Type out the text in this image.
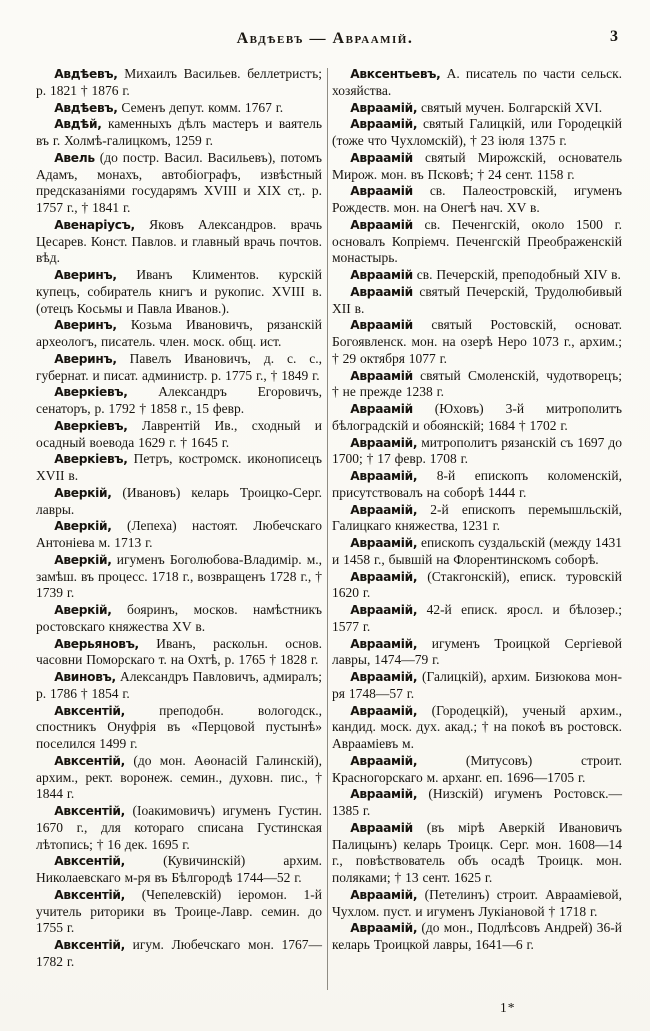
Авдѣевъ — Авраамій.	3

Авдѣевъ, Михаилъ Васильев. беллетристъ; р. 1821 † 1876 г.

Авдѣевъ, Семенъ депут. комм. 1767 г.

Авдѣй, каменныхъ дѣлъ мастеръ и ваятель въ г. Холмѣ-галицкомъ, 1259 г.

Авель (до постр. Васил. Васильевъ), потомъ Адамъ, монахъ, автобіографъ, извѣстный предсказаніями государямъ XVIII и XIX ст,. р. 1757 г., † 1841 г.

Авенаріусъ, Яковъ Александров. врачь Цесарев. Конст. Павлов. и главный врачь почтов. вѣд.

Аверинъ, Иванъ Климентов. курскій купецъ, собиратель книгъ и рукопис. XVIII в. (отецъ Косьмы и Павла Иванов.).

Аверинъ, Козьма Ивановичъ, рязанскій археологъ, писатель. член. моск. общ. ист.

Аверинъ, Павелъ Ивановичъ, д. с. с., губернат. и писат. администр. р. 1775 г., † 1849 г.

Аверкіевъ, Александръ Егоровичъ, сенаторъ, р. 1792 † 1858 г., 15 февр.

Аверкіевъ, Лаврентій Ив., сходный и осадный воевода 1629 г. † 1645 г.

Аверкіевъ, Петръ, костромск. иконописецъ XVII в.

Аверкій, (Ивановъ) келарь Троицко-Серг. лавры.

Аверкій, (Лепеха) настоят. Любечскаго Антоніева м. 1713 г.

Аверкій, игуменъ Боголюбова-Владимір. м., замѣш. въ процесс. 1718 г., возвращенъ 1728 г., † 1739 г.

Аверкій, бояринъ, москов. намѣстникъ ростовскаго княжества XV в.

Аверьяновъ, Иванъ, раскольн. основ. часовни Поморскаго т. на Охтѣ, р. 1765 † 1828 г.

Авиновъ, Александръ Павловичъ, адмиралъ; р. 1786 † 1854 г.

Авксентій, преподобн. вологодск., спостникъ Онуфрія въ «Перцовой пустынѣ» поселился 1499 г.

Авксентій, (до мон. Аѳонасій Галинскій), архим., рект. воронеж. семин., духовн. пис., † 1844 г.

Авксентій, (Іоакимовичъ) игуменъ Густин. 1670 г., для котораго списана Густинская лѣтопись; † 16 дек. 1695 г.

Авксентій, (Кувичинскій) архим. Николаевскаго м-ря въ Бѣлгородѣ 1744—52 г.

Авксентій, (Чепелевскій) іеромон. 1-й учитель риторики въ Троице-Лавр. семин. до 1755 г.

Авксентій, игум. Любечскаго мон. 1767—1782 г.

Авксентьевъ, А. писатель по части сельск. хозяйства.

Авраамій, святый мучен. Болгарскій XVI.

Авраамій, святый Галицкій, или Городецкій (тоже что Чухломскій), † 23 іюля 1375 г.

Авраамій святый Мирожскій, основатель Мирож. мон. въ Псковѣ; † 24 сент. 1158 г.

Авраамій св. Палеостровскій, игуменъ Рождеств. мон. на Онегѣ нач. XV в.

Авраамій св. Печенгскій, около 1500 г. основалъ Копріемч. Печенгскій Преображенскій монастырь.

Авраамій св. Печерскій, преподобный XIV в.

Авраамій святый Печерскій, Трудолюбивый XII в.

Авраамій святый Ростовскій, основат. Богоявленск. мон. на озерѣ Неро 1073 г., архим.; † 29 октября 1077 г.

Авраамій святый Смоленскій, чудотворецъ; † не прежде 1238 г.

Авраамій (Юховъ) 3-й митрополитъ бѣлоградскій и обоянскій; 1684 † 1702 г.

Авраамій, митрополитъ рязанскій съ 1697 до 1700; † 17 февр. 1708 г.

Авраамій, 8-й епископъ коломенскій, присутствовалъ на соборѣ 1444 г.

Авраамій, 2-й епископъ перемышльскій, Галицкаго княжества, 1231 г.

Авраамій, епископъ суздальскій (между 1431 и 1458 г., бывшій на Флорентинскомъ соборѣ.

Авраамій, (Стакгонскій), еписк. туровскій 1620 г.

Авраамій, 42-й еписк. яросл. и бѣлозер.; 1577 г.

Авраамій, игуменъ Троицкой Сергіевой лавры, 1474—79 г.

Авраамій, (Галицкій), архим. Бизюкова мон-ря 1748—57 г.

Авраамій, (Городецкій), ученый архим., кандид. моск. дух. акад.; † на покоѣ въ ростовск. Аврааміевъ м.

Авраамій, (Митусовъ) строит. Красногорскаго м. арханг. еп. 1696—1705 г.

Авраамій, (Низскій) игуменъ Ростовск.— 1385 г.

Авраамій (въ мірѣ Аверкій Ивановичъ Палицынъ) келарь Троицк. Серг. мон. 1608—14 г., повѣствователь объ осадѣ Троицк. мон. поляками; † 13 сент. 1625 г.

Авраамій, (Петелинъ) строит. Аврааміевой, Чухлом. пуст. и игуменъ Лукіановой † 1718 г.

Авраамій, (до мон., Подлѣсовъ Андрей) 36-й келарь Троицкой лавры, 1641—6 г.

1*
